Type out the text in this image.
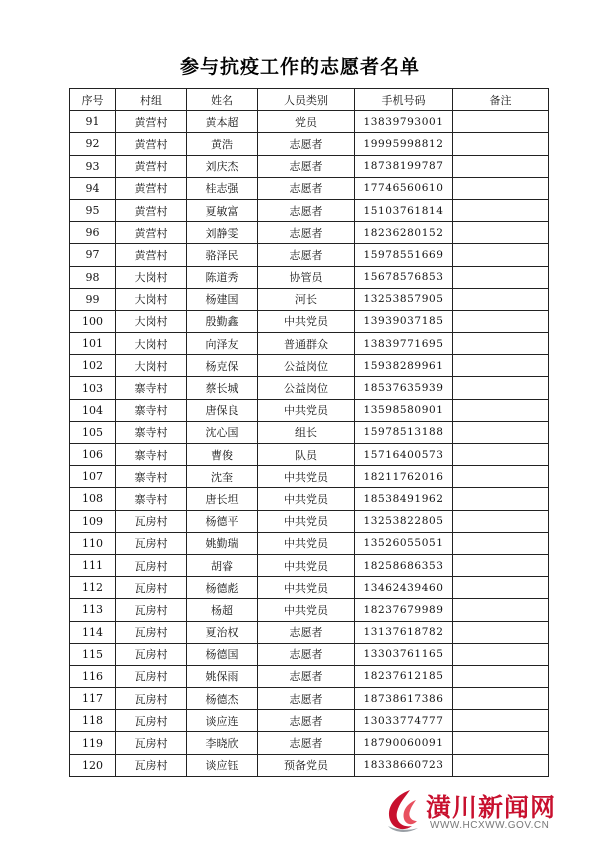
参与抗疫工作的志愿者名单
序号	村组	姓名	人员类别	手机号码	备注
91	黄营村	黄本超	党员	13839793001	
92	黄营村	黄浩	志愿者	19995998812	
93	黄营村	刘庆杰	志愿者	18738199787	
94	黄营村	桂志强	志愿者	17746560610	
95	黄营村	夏敏富	志愿者	15103761814	
96	黄营村	刘静雯	志愿者	18236280152	
97	黄营村	骆泽民	志愿者	15978551669	
98	大岗村	陈道秀	协管员	15678576853	
99	大岗村	杨建国	河长	13253857905	
100	大岗村	殷勤鑫	中共党员	13939037185	
101	大岗村	向泽友	普通群众	13839771695	
102	大岗村	杨克保	公益岗位	15938289961	
103	寨寺村	蔡长城	公益岗位	18537635939	
104	寨寺村	唐保良	中共党员	13598580901	
105	寨寺村	沈心国	组长	15978513188	
106	寨寺村	曹俊	队员	15716400573	
107	寨寺村	沈奎	中共党员	18211762016	
108	寨寺村	唐长坦	中共党员	18538491962	
109	瓦房村	杨德平	中共党员	13253822805	
110	瓦房村	姚勤瑞	中共党员	13526055051	
111	瓦房村	胡睿	中共党员	18258686353	
112	瓦房村	杨德彪	中共党员	13462439460	
113	瓦房村	杨超	中共党员	18237679989	
114	瓦房村	夏治权	志愿者	13137618782	
115	瓦房村	杨德国	志愿者	13303761165	
116	瓦房村	姚保雨	志愿者	18237612185	
117	瓦房村	杨德杰	志愿者	18738617386	
118	瓦房村	谈应连	志愿者	13033774777	
119	瓦房村	李晓欣	志愿者	18790060091	
120	瓦房村	谈应钰	预备党员	18338660723	
潢川新闻网
WWW.HCXWW.GOV.CN
